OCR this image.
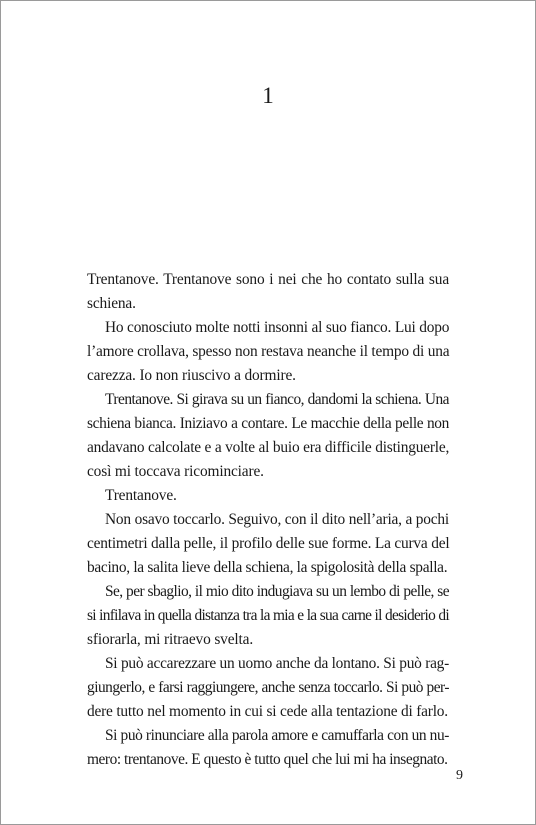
1
Trentanove. Trentanove sono i nei che ho contato sulla sua
schiena.
Ho conosciuto molte notti insonni al suo fianco. Lui dopo
l’amore crollava, spesso non restava neanche il tempo di una
carezza. Io non riuscivo a dormire.
Trentanove. Si girava su un fianco, dandomi la schiena. Una
schiena bianca. Iniziavo a contare. Le macchie della pelle non
andavano calcolate e a volte al buio era difficile distinguerle,
così mi toccava ricominciare.
Trentanove.
Non osavo toccarlo. Seguivo, con il dito nell’aria, a pochi
centimetri dalla pelle, il profilo delle sue forme. La curva del
bacino, la salita lieve della schiena, la spigolosità della spalla.
Se, per sbaglio, il mio dito indugiava su un lembo di pelle, se
si infilava in quella distanza tra la mia e la sua carne il desiderio di
sfiorarla, mi ritraevo svelta.
Si può accarezzare un uomo anche da lontano. Si può rag-
giungerlo, e farsi raggiungere, anche senza toccarlo. Si può per-
dere tutto nel momento in cui si cede alla tentazione di farlo.
Si può rinunciare alla parola amore e camuffarla con un nu-
mero: trentanove. E questo è tutto quel che lui mi ha insegnato.
9
